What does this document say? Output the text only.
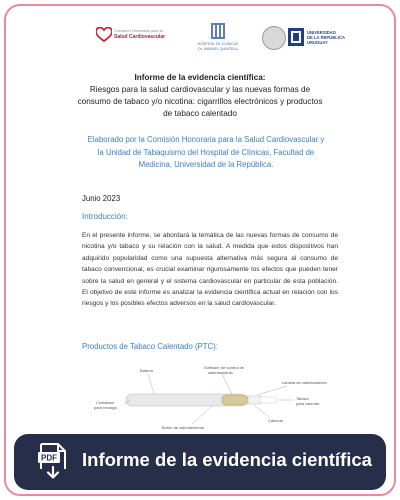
Comisión Honoraria para la
Salud Cardiovascular
HOSPITAL DE CLÍNICAS
Dr. MANUEL QUINTELA
UNIVERSIDAD
DE LA REPÚBLICA
URUGUAY
Informe de la evidencia científica:
Riesgos para la salud cardiovascular y las nuevas formas de
consumo de tabaco y/o nicotina: cigarrillos electrónicos y productos
de tabaco calentado
Elaborado por la Comisión Honoraria para la Salud Cardiovascular y
la Unidad de Tabaquismo del Hospital de Clínicas, Facultad de
Medicina, Universidad de la República.
Junio 2023
Introducción:
En el presente informe, se abordará la temática de las nuevas formas de consumo de nicotina y/o tabaco y su relación con la salud. A medida que estos dispositivos han adquirido popularidad como una supuesta alternativa más segura al consumo de tabaco convencional, es crucial examinar rigurosamente los efectos que pueden tener sobre la salud en general y el sistema cardiovascular en particular de esta población. El objetivo de este informe es analizar la evidencia científica actual en relación con los riesgos y los posibles efectos adversos en la salud cardiovascular.
Productos de Tabaco Calentado (PTC):
Batería
Software de control de
calentamiento
Lámina de calentamiento
Contactos
para recarga
Tabaco
para calentar
Cabezal
Botón de calentamiento
PDF Informe de la evidencia científica
